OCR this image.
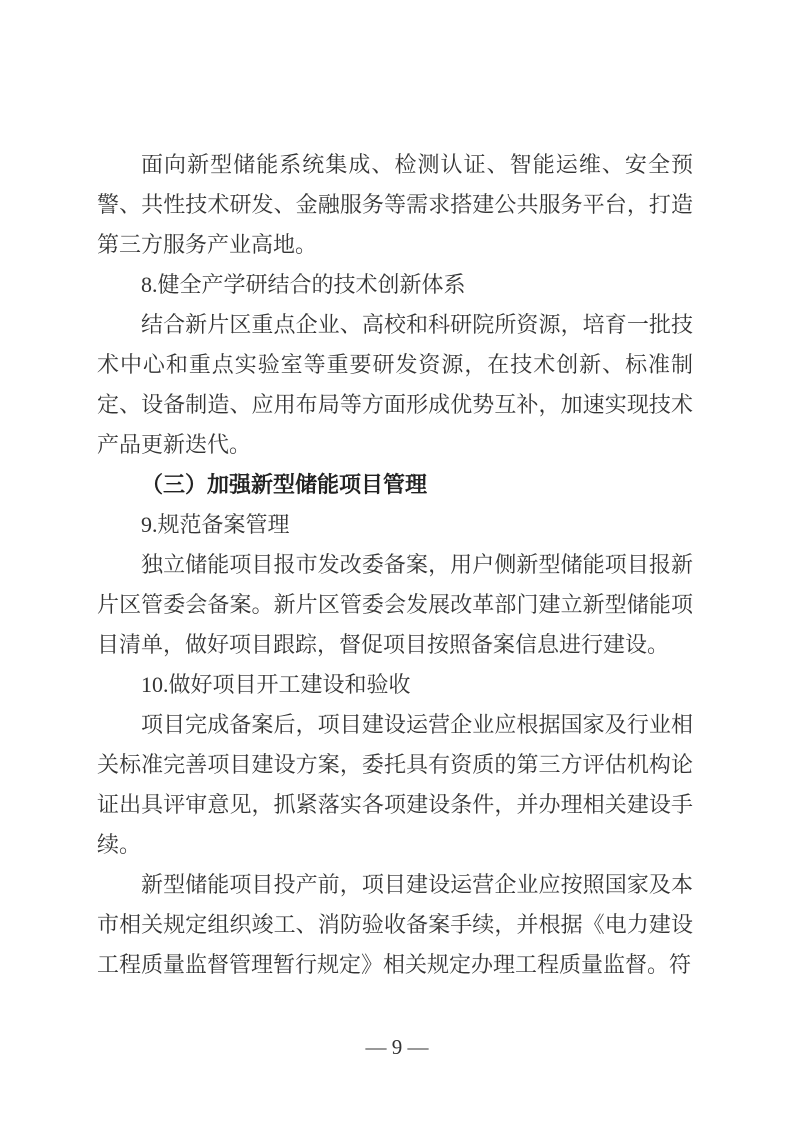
面向新型储能系统集成、检测认证、智能运维、安全预警、共性技术研发、金融服务等需求搭建公共服务平台，打造第三方服务产业高地。

8.健全产学研结合的技术创新体系

结合新片区重点企业、高校和科研院所资源，培育一批技术中心和重点实验室等重要研发资源，在技术创新、标准制定、设备制造、应用布局等方面形成优势互补，加速实现技术产品更新迭代。

（三）加强新型储能项目管理

9.规范备案管理

独立储能项目报市发改委备案，用户侧新型储能项目报新片区管委会备案。新片区管委会发展改革部门建立新型储能项目清单，做好项目跟踪，督促项目按照备案信息进行建设。

10.做好项目开工建设和验收

项目完成备案后，项目建设运营企业应根据国家及行业相关标准完善项目建设方案，委托具有资质的第三方评估机构论证出具评审意见，抓紧落实各项建设条件，并办理相关建设手续。

新型储能项目投产前，项目建设运营企业应按照国家及本市相关规定组织竣工、消防验收备案手续，并根据《电力建设工程质量监督管理暂行规定》相关规定办理工程质量监督。符

— 9 —
